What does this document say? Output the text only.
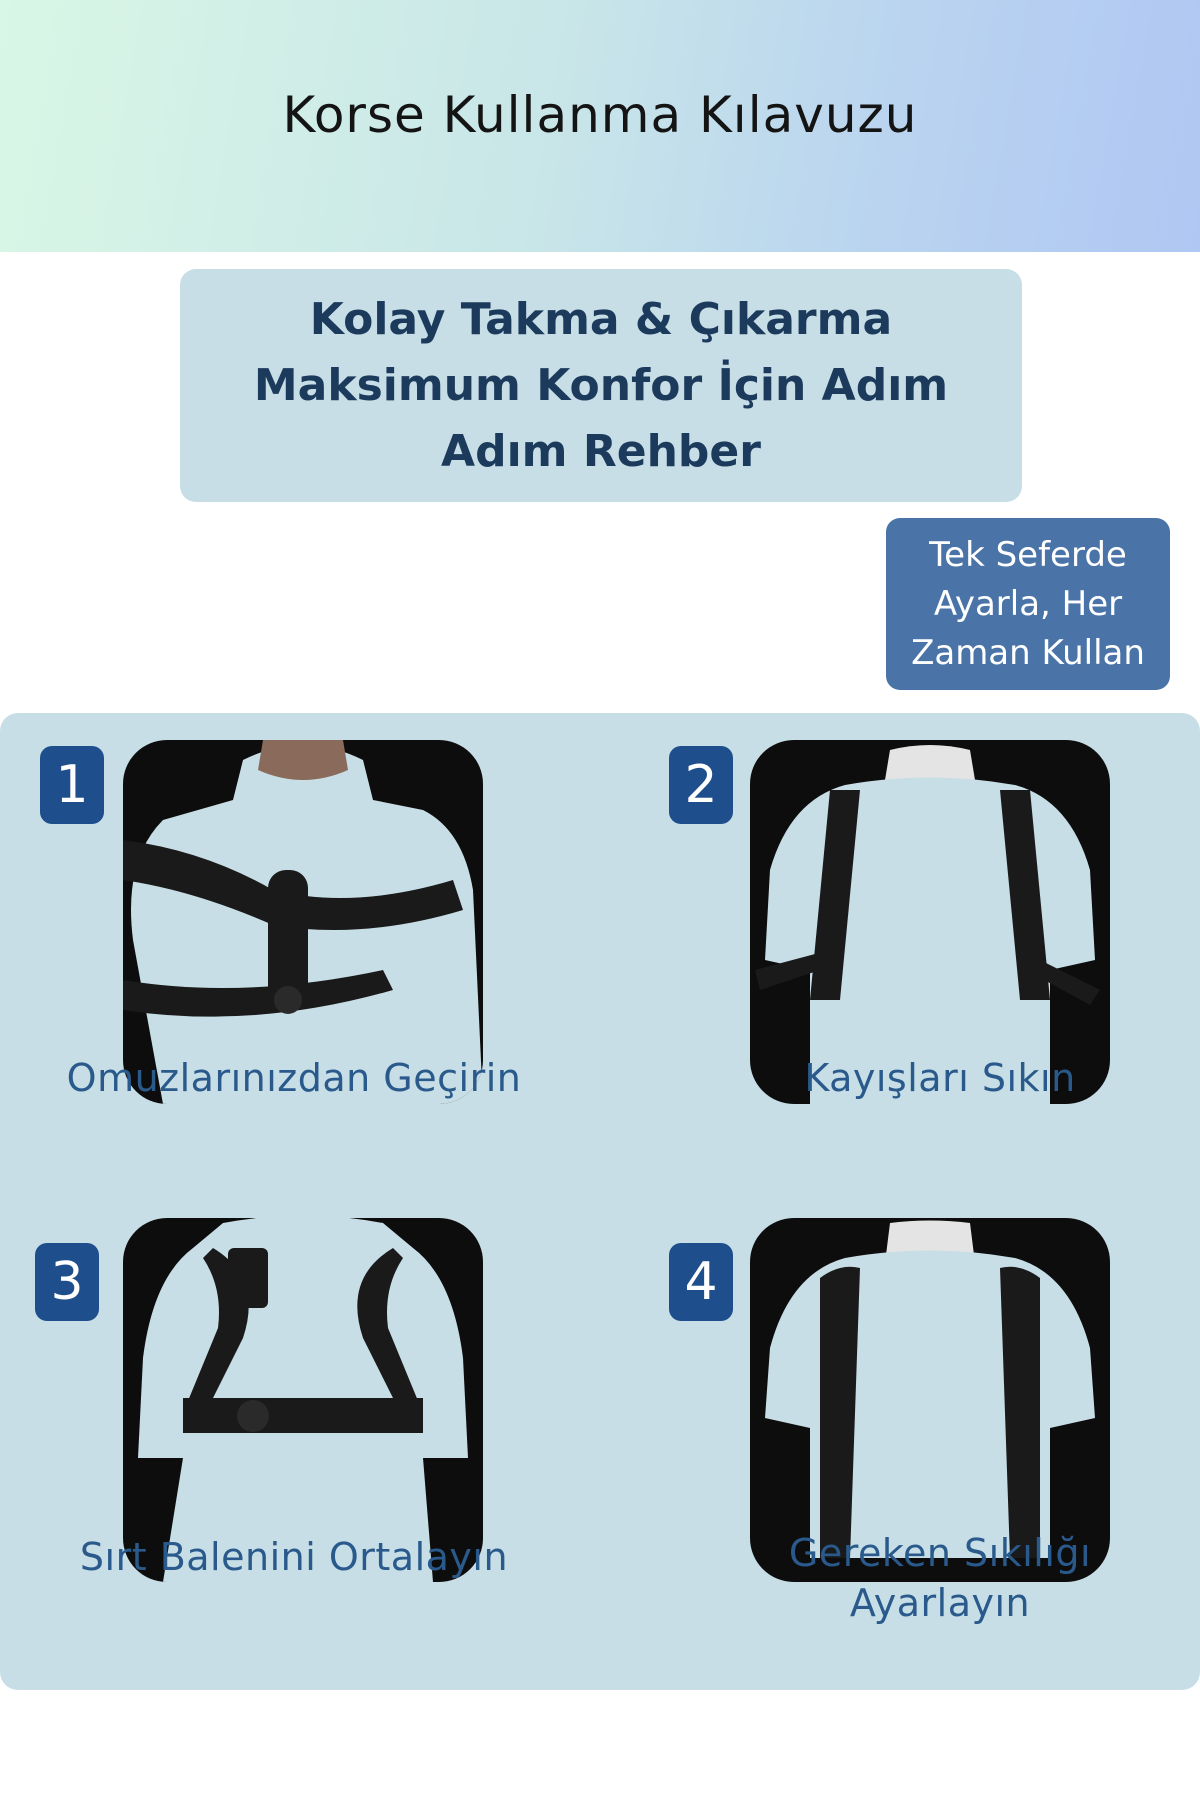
Korse Kullanma Kılavuzu
Kolay Takma & Çıkarma
Maksimum Konfor İçin Adım
Adım Rehber
Tek Seferde
Ayarla, Her
Zaman Kullan
1
Omuzlarınızdan Geçirin
2
Kayışları Sıkın
3
Sırt Balenini Ortalayın
4
Gereken Sıkılığı
Ayarlayın
